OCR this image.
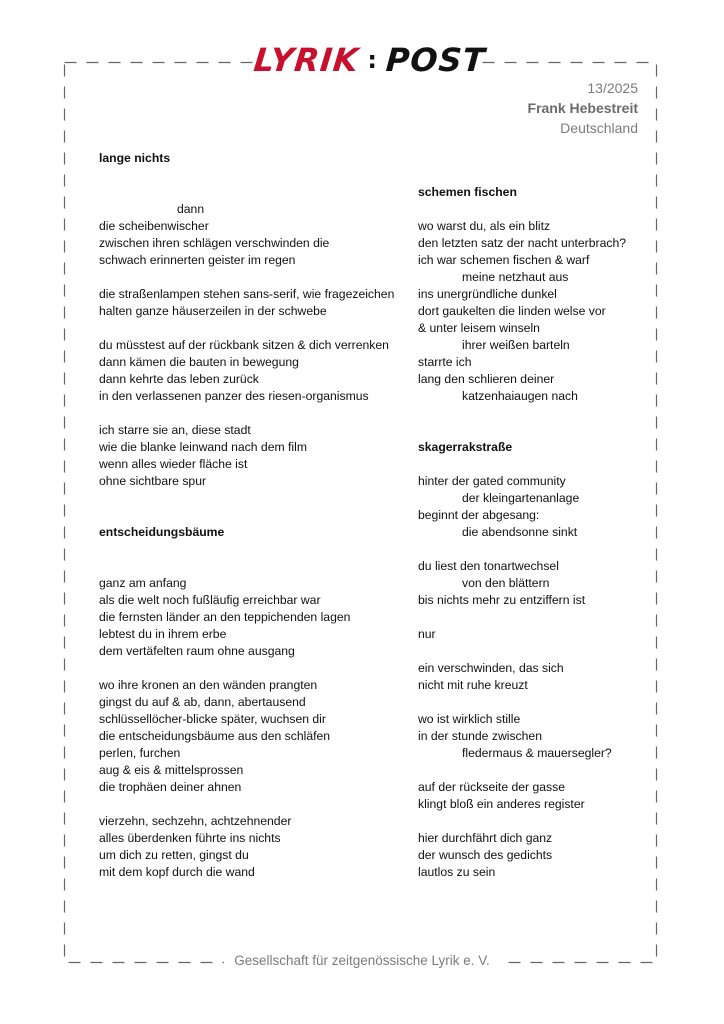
LYRIK : POST
13/2025
Frank Hebestreit
Deutschland
lange nichts
dann
die scheibenwischer
zwischen ihren schlägen verschwinden die
schwach erinnerten geister im regen
die straßenlampen stehen sans-serif, wie fragezeichen
halten ganze häuserzeilen in der schwebe
du müsstest auf der rückbank sitzen & dich verrenken
dann kämen die bauten in bewegung
dann kehrte das leben zurück
in den verlassenen panzer des riesen-organismus
ich starre sie an, diese stadt
wie die blanke leinwand nach dem film
wenn alles wieder fläche ist
ohne sichtbare spur
entscheidungsbäume
ganz am anfang
als die welt noch fußläufig erreichbar war
die fernsten länder an den teppichenden lagen
lebtest du in ihrem erbe
dem vertäfelten raum ohne ausgang
wo ihre kronen an den wänden prangten
gingst du auf & ab, dann, abertausend
schlüssellöcher-blicke später, wuchsen dir
die entscheidungsbäume aus den schläfen
perlen, furchen
aug & eis & mittelsprossen
die trophäen deiner ahnen
vierzehn, sechzehn, achtzehnender
alles überdenken führte ins nichts
um dich zu retten, gingst du
mit dem kopf durch die wand
schemen fischen
wo warst du, als ein blitz
den letzten satz der nacht unterbrach?
ich war schemen fischen & warf
meine netzhaut aus
ins unergründliche dunkel
dort gaukelten die linden welse vor
& unter leisem winseln
ihrer weißen barteln
starrte ich
lang den schlieren deiner
katzenhaiaugen nach
skagerrakstraße
hinter der gated community
der kleingartenanlage
beginnt der abgesang:
die abendsonne sinkt
du liest den tonartwechsel
von den blättern
bis nichts mehr zu entziffern ist
nur
ein verschwinden, das sich
nicht mit ruhe kreuzt
wo ist wirklich stille
in der stunde zwischen
fledermaus & mauersegler?
auf der rückseite der gasse
klingt bloß ein anderes register
hier durchfährt dich ganz
der wunsch des gedichts
lautlos zu sein
Gesellschaft für zeitgenössische Lyrik e. V.
